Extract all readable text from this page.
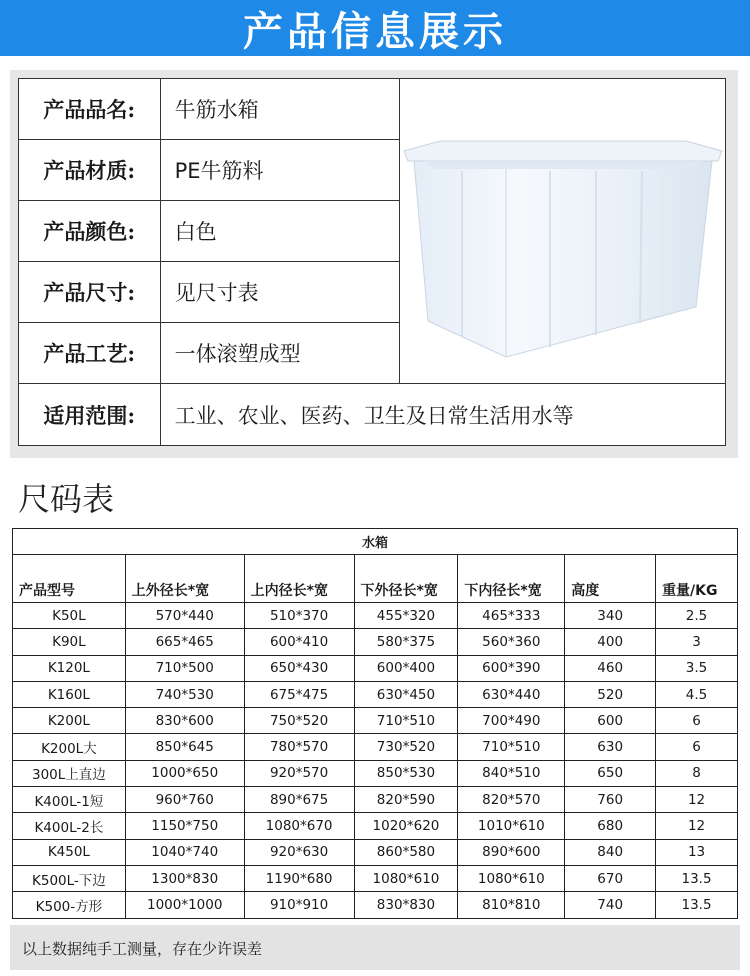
产品信息展示
产品品名:	牛筋水箱	

产品材质:	PE牛筋料	
产品颜色:	白色	
产品尺寸:	见尺寸表	
产品工艺:	一体滚塑成型	
适用范围:	工业、农业、医药、卫生及日常生活用水等	
尺码表
水箱						
产品型号	上外径长*宽	上内径长*宽	下外径长*宽	下内径长*宽	高度	重量/KG
K50L	570*440	510*370	455*320	465*333	340	2.5
K90L	665*465	600*410	580*375	560*360	400	3
K120L	710*500	650*430	600*400	600*390	460	3.5
K160L	740*530	675*475	630*450	630*440	520	4.5
K200L	830*600	750*520	710*510	700*490	600	6
K200L大	850*645	780*570	730*520	710*510	630	6
300L上直边	1000*650	920*570	850*530	840*510	650	8
K400L-1短	960*760	890*675	820*590	820*570	760	12
K400L-2长	1150*750	1080*670	1020*620	1010*610	680	12
K450L	1040*740	920*630	860*580	890*600	840	13
K500L-下边	1300*830	1190*680	1080*610	1080*610	670	13.5
K500-方形	1000*1000	910*910	830*830	810*810	740	13.5
以上数据纯手工测量，存在少许误差
